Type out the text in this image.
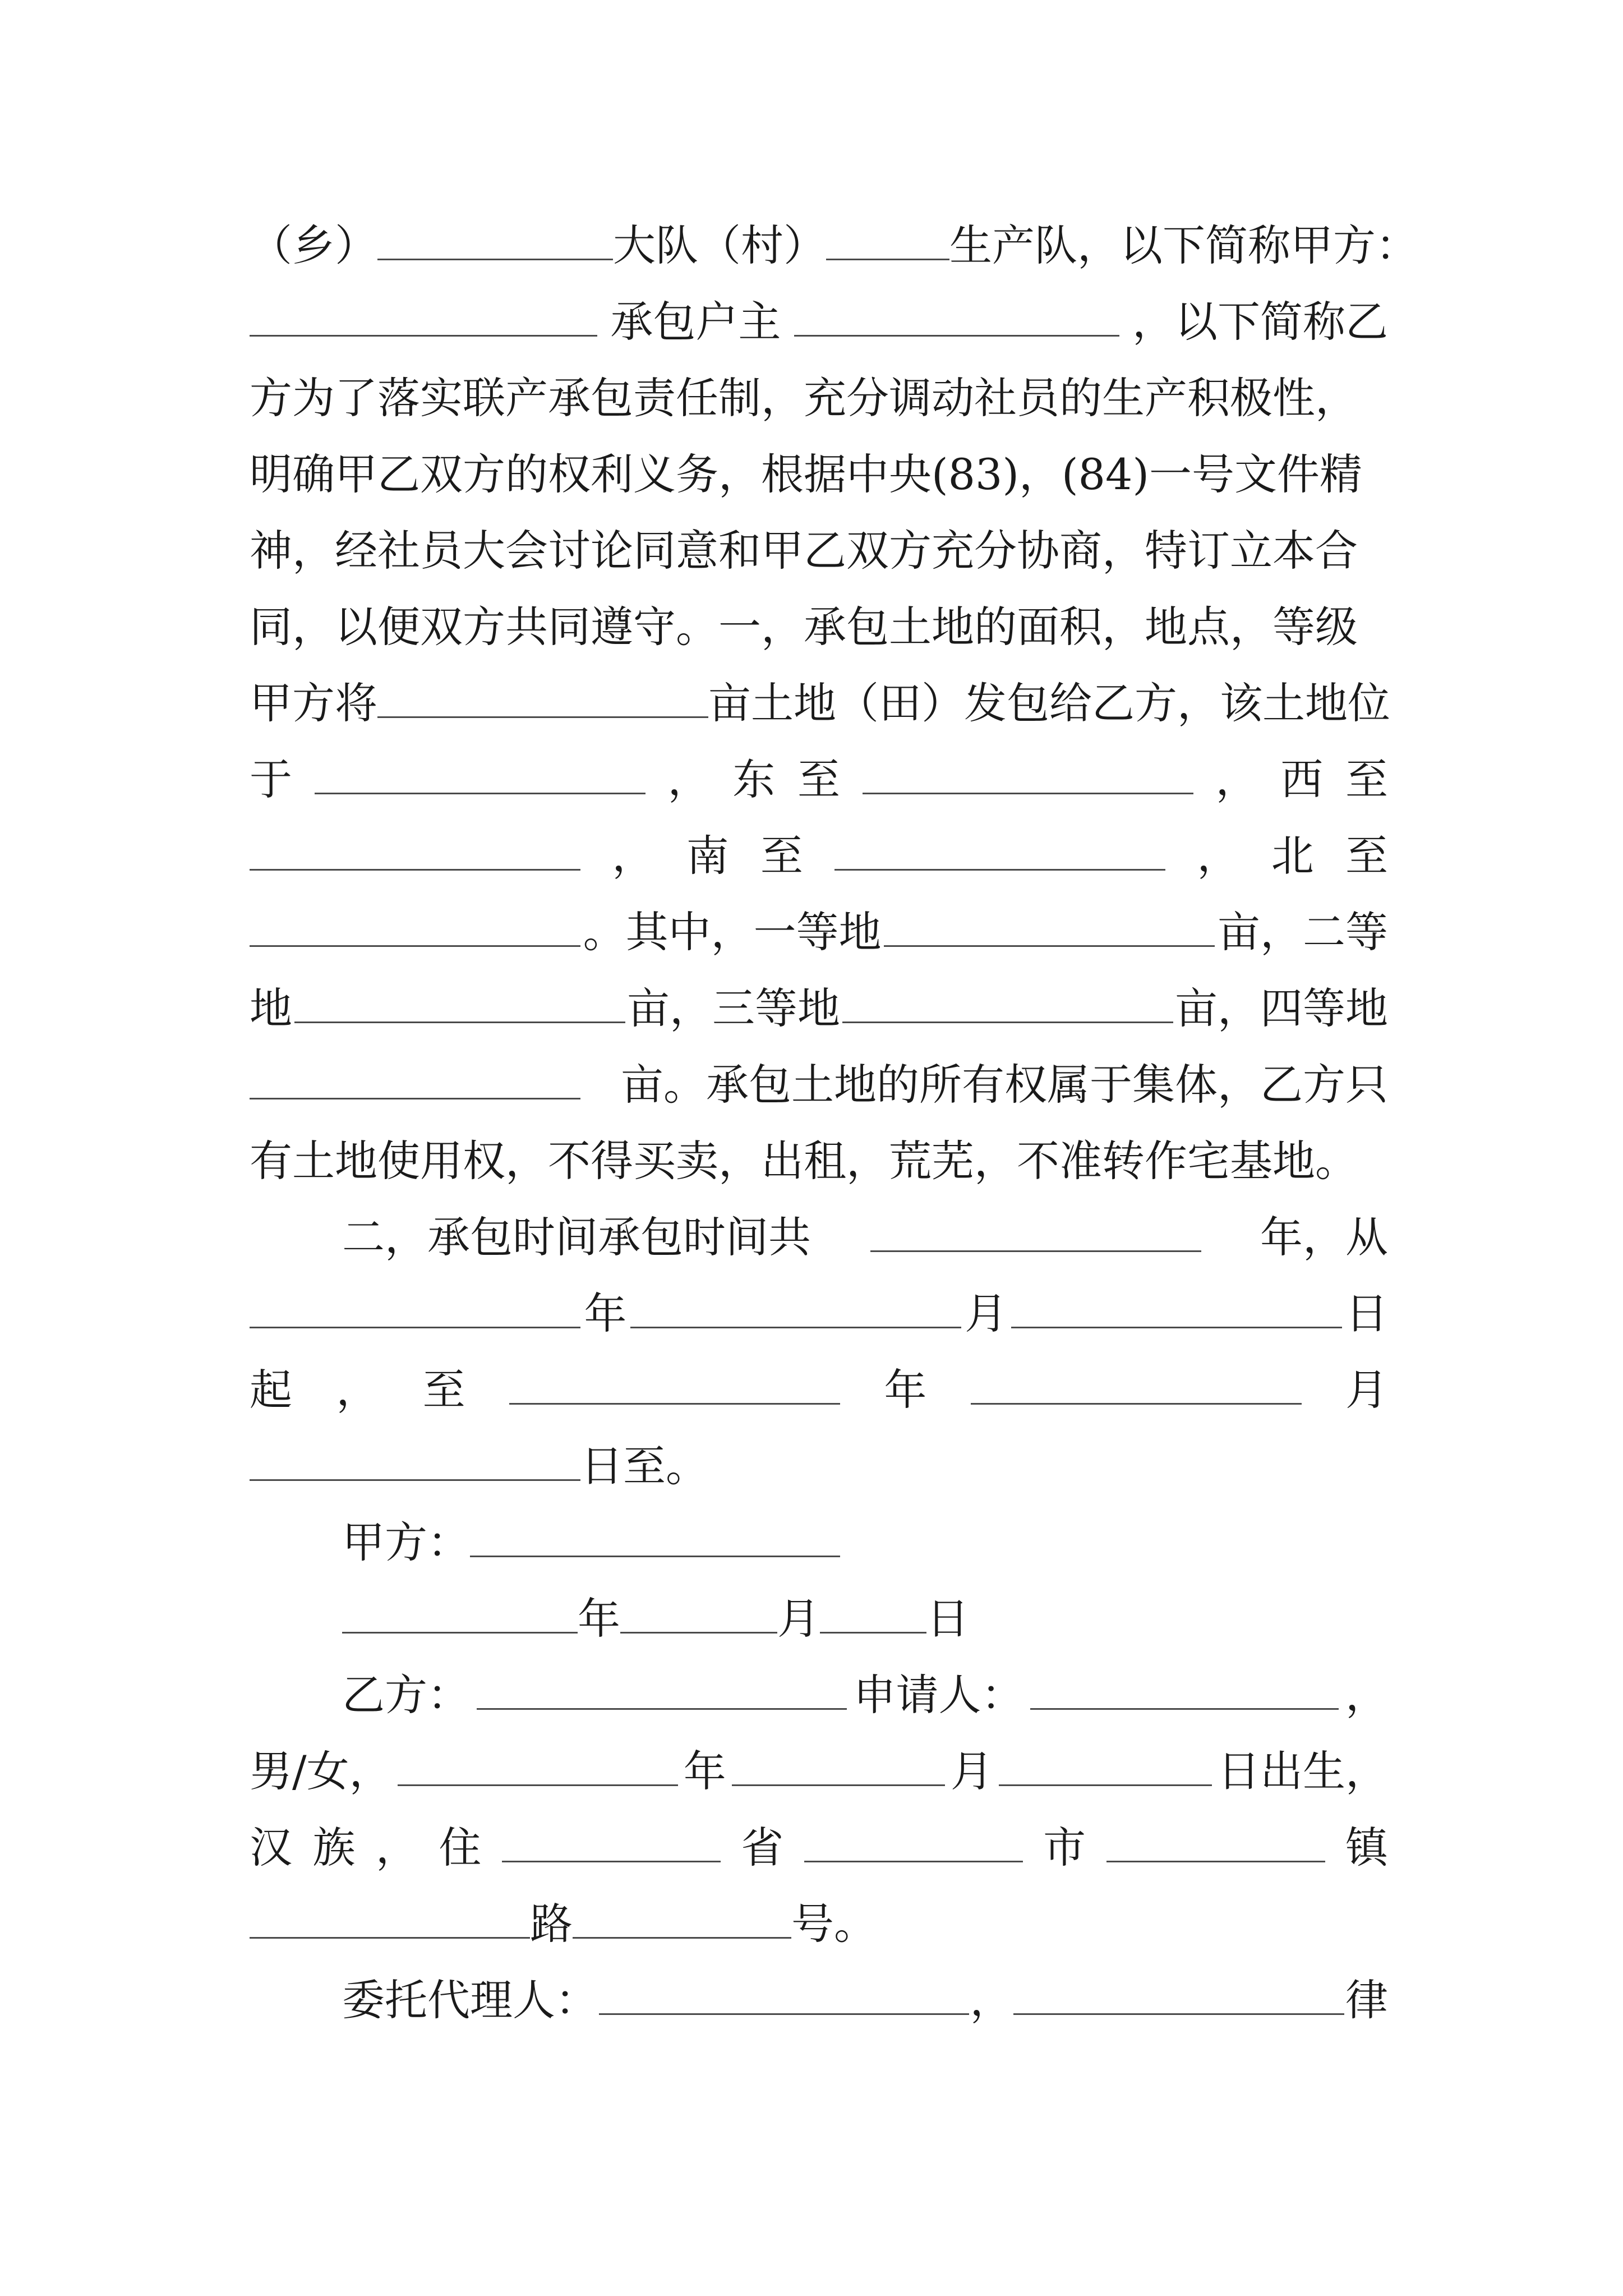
（乡）	大队（村）	生产队，以下简称甲方：
承包户主	，以下简称乙
方为了落实联产承包责任制，充分调动社员的生产积极性，
明确甲乙双方的权利义务，根据中央(83)，(84)一号文件精
神，经社员大会讨论同意和甲乙双方充分协商，特订立本合
同，以便双方共同遵守。一，承包土地的面积，地点，等级
甲方将	亩土地（田）发包给乙方，该土地位
于	， 东 至	， 西 至
， 南 至	， 北 至
。其中，一等地	亩，二等
地	亩，三等地	亩，四等地
亩。承包土地的所有权属于集体，乙方只
有土地使用权，不得买卖，出租，荒芜，不准转作宅基地。
二，承包时间承包时间共	年，从
年	月	日
起 ， 至	年	月
日至。
甲方：
年	月	日
乙方：	申请人：	，
男/女，	年	月	日出生，
汉 族 ， 住	省	市	镇
路	号。
委托代理人：	，	律
